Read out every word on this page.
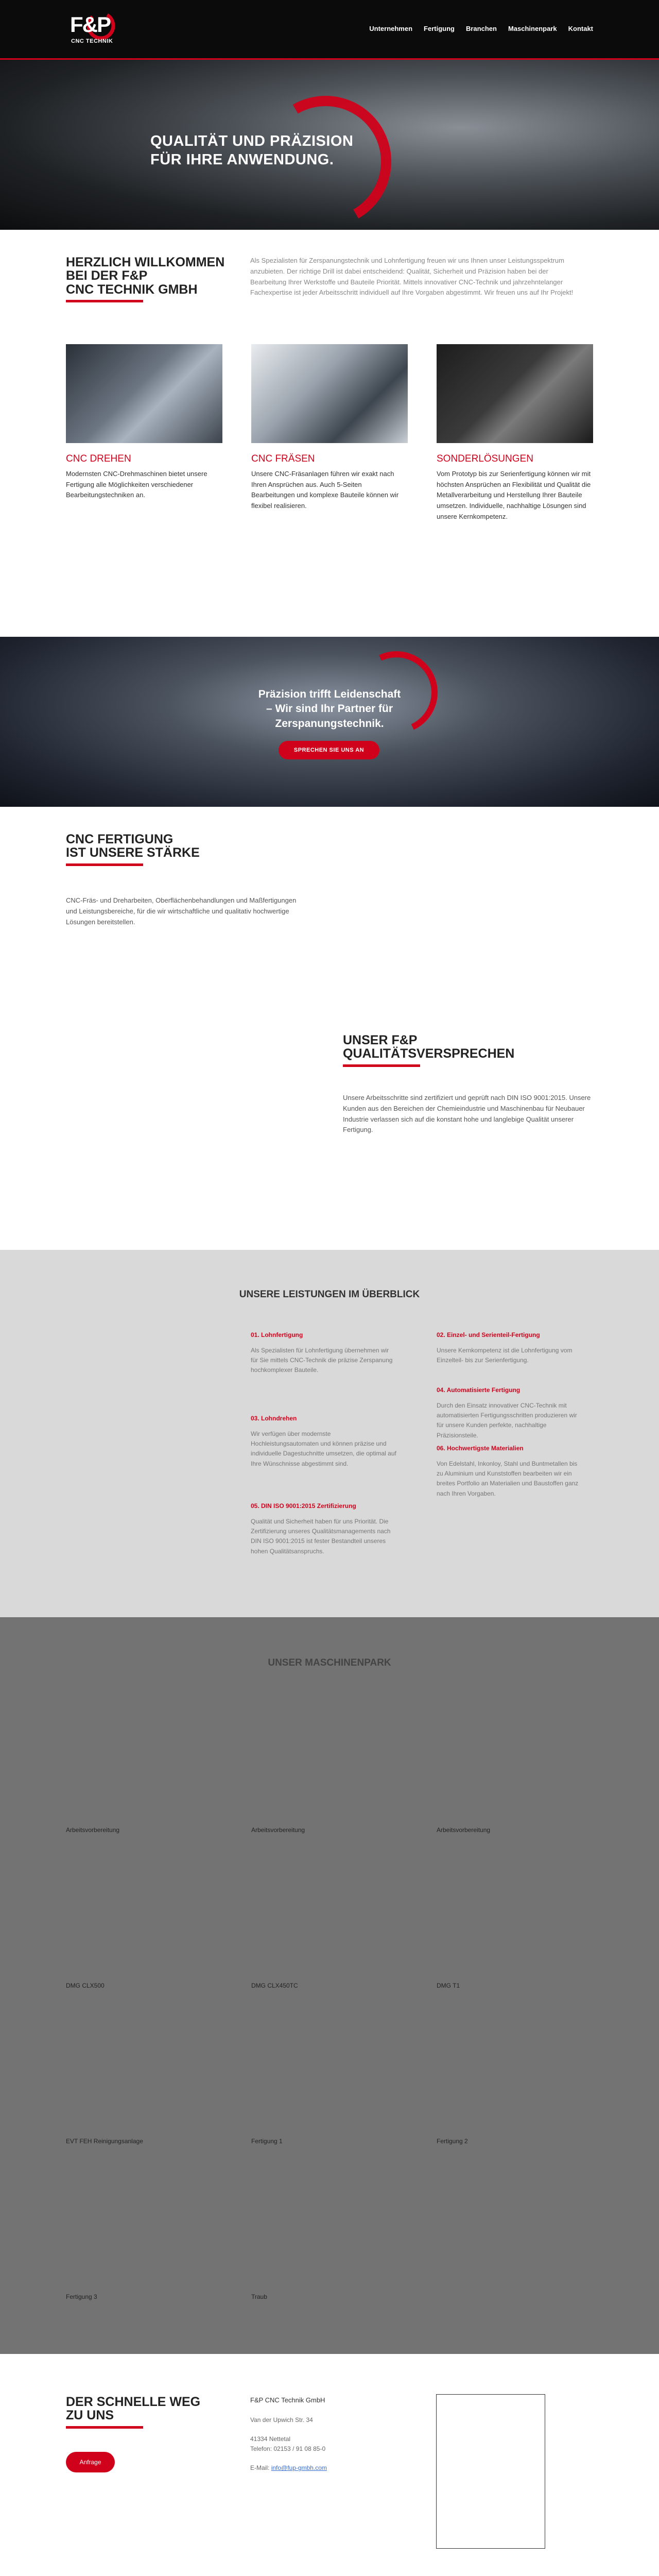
F&P
CNC TECHNIK
Unternehmen Fertigung Branchen Maschinenpark Kontakt
QUALITÄT UND PRÄZISION
FÜR IHRE ANWENDUNG.
HERZLICH WILLKOMMEN
BEI DER F&P
CNC TECHNIK GMBH

Als Spezialisten für Zerspanungstechnik und Lohnfertigung freuen wir uns Ihnen unser Leistungsspektrum anzubieten. Der richtige Drill ist dabei entscheidend: Qualität, Sicherheit und Präzision haben bei der Bearbeitung Ihrer Werkstoffe und Bauteile Priorität. Mittels innovativer CNC-Technik und jahrzehntelanger Fachexpertise ist jeder Arbeitsschritt individuell auf Ihre Vorgaben abgestimmt. Wir freuen uns auf Ihr Projekt!

CNC DREHEN
Modernsten CNC-Drehmaschinen bietet unsere Fertigung alle Möglichkeiten verschiedener Bearbeitungstechniken an.
CNC FRÄSEN
Unsere CNC-Fräsanlagen führen wir exakt nach Ihren Ansprüchen aus. Auch 5-Seiten Bearbeitungen und komplexe Bauteile können wir flexibel realisieren.
SONDERLÖSUNGEN
Vom Prototyp bis zur Serienfertigung können wir mit höchsten Ansprüchen an Flexibilität und Qualität die Metallverarbeitung und Herstellung Ihrer Bauteile umsetzen. Individuelle, nachhaltige Lösungen sind unsere Kernkompetenz.
Präzision trifft Leidenschaft
– Wir sind Ihr Partner für
Zerspanungstechnik.
SPRECHEN SIE UNS AN
CNC FERTIGUNG
IST UNSERE STÄRKE

CNC-Fräs- und Dreharbeiten, Oberflächenbehandlungen und Maßfertigungen und Leistungsbereiche, für die wir wirtschaftliche und qualitativ hochwertige Lösungen bereitstellen.

UNSER F&P
QUALITÄTSVERSPRECHEN

Unsere Arbeitsschritte sind zertifiziert und geprüft nach DIN ISO 9001:2015. Unsere Kunden aus den Bereichen der Chemieindustrie und Maschinenbau für Neubauer Industrie verlassen sich auf die konstant hohe und langlebige Qualität unserer Fertigung.

UNSERE LEISTUNGEN IM ÜBERBLICK
01. Lohnfertigung
Als Spezialisten für Lohnfertigung übernehmen wir für Sie mittels CNC-Technik die präzise Zerspanung hochkomplexer Bauteile.
02. Einzel- und Serienteil-Fertigung
Unsere Kernkompetenz ist die Lohnfertigung vom Einzelteil- bis zur Serienfertigung.
03. Lohndrehen
Wir verfügen über modernste Hochleistungsautomaten und können präzise und individuelle Dagestuchnitte umsetzen, die optimal auf Ihre Wünschnisse abgestimmt sind.
04. Automatisierte Fertigung
Durch den Einsatz innovativer CNC-Technik mit automatisierten Fertigungsschritten produzieren wir für unsere Kunden perfekte, nachhaltige Präzisionsteile.
05. DIN ISO 9001:2015 Zertifizierung
Qualität und Sicherheit haben für uns Priorität. Die Zertifizierung unseres Qualitätsmanagements nach DIN ISO 9001:2015 ist fester Bestandteil unseres hohen Qualitätsanspruchs.
06. Hochwertigste Materialien
Von Edelstahl, Inkonloy, Stahl und Buntmetallen bis zu Aluminium und Kunststoffen bearbeiten wir ein breites Portfolio an Materialien und Baustoffen ganz nach Ihren Vorgaben.
UNSER MASCHINENPARK
Arbeitsvorbereitung	Arbeitsvorbereitung	Arbeitsvorbereitung
DMG CLX500	DMG CLX450TC	DMG T1
EVT FEH Reinigungsanlage	Fertigung 1	Fertigung 2
Fertigung 3	Traub
DER SCHNELLE WEG
ZU UNS
Anfrage
F&P CNC Technik GmbH
Van der Upwich Str. 34
41334 Nettetal
Telefon: 02153 / 91 08 85-0
E-Mail: info@fup-gmbh.com
